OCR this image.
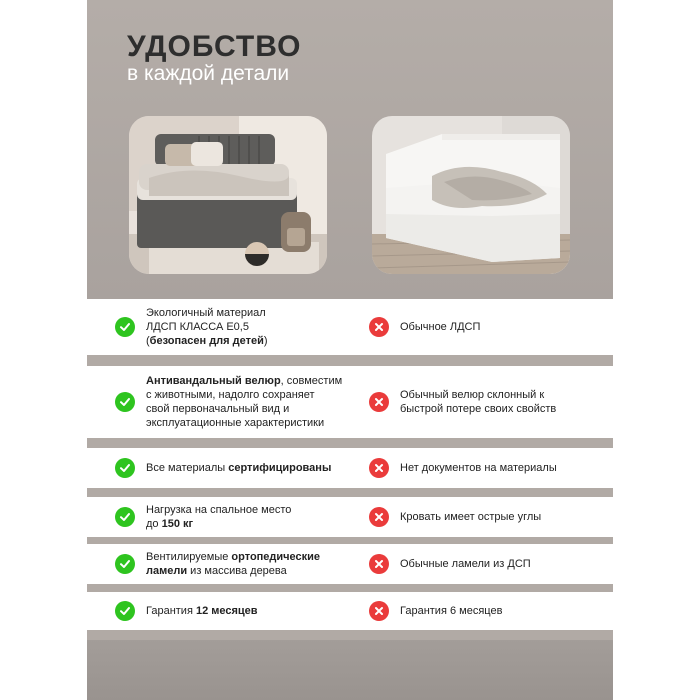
УДОБСТВО

в каждой детали

Экологичный материал
ЛДСП КЛАССА Е0,5
(безопасен для детей)
Обычное ЛДСП
Антивандальный велюр, совместим
с животными, надолго сохраняет
свой первоначальный вид и
эксплуатационные характеристики
Обычный велюр склонный к
быстрой потере своих свойств
Все материалы сертифицированы	Нет документов на материалы
Нагрузка на спальное место
до 150 кг
Кровать имеет острые углы
Вентилируемые ортопедические
ламели из массива дерева
Обычные ламели из ДСП
Гарантия 12 месяцев	Гарантия 6 месяцев
